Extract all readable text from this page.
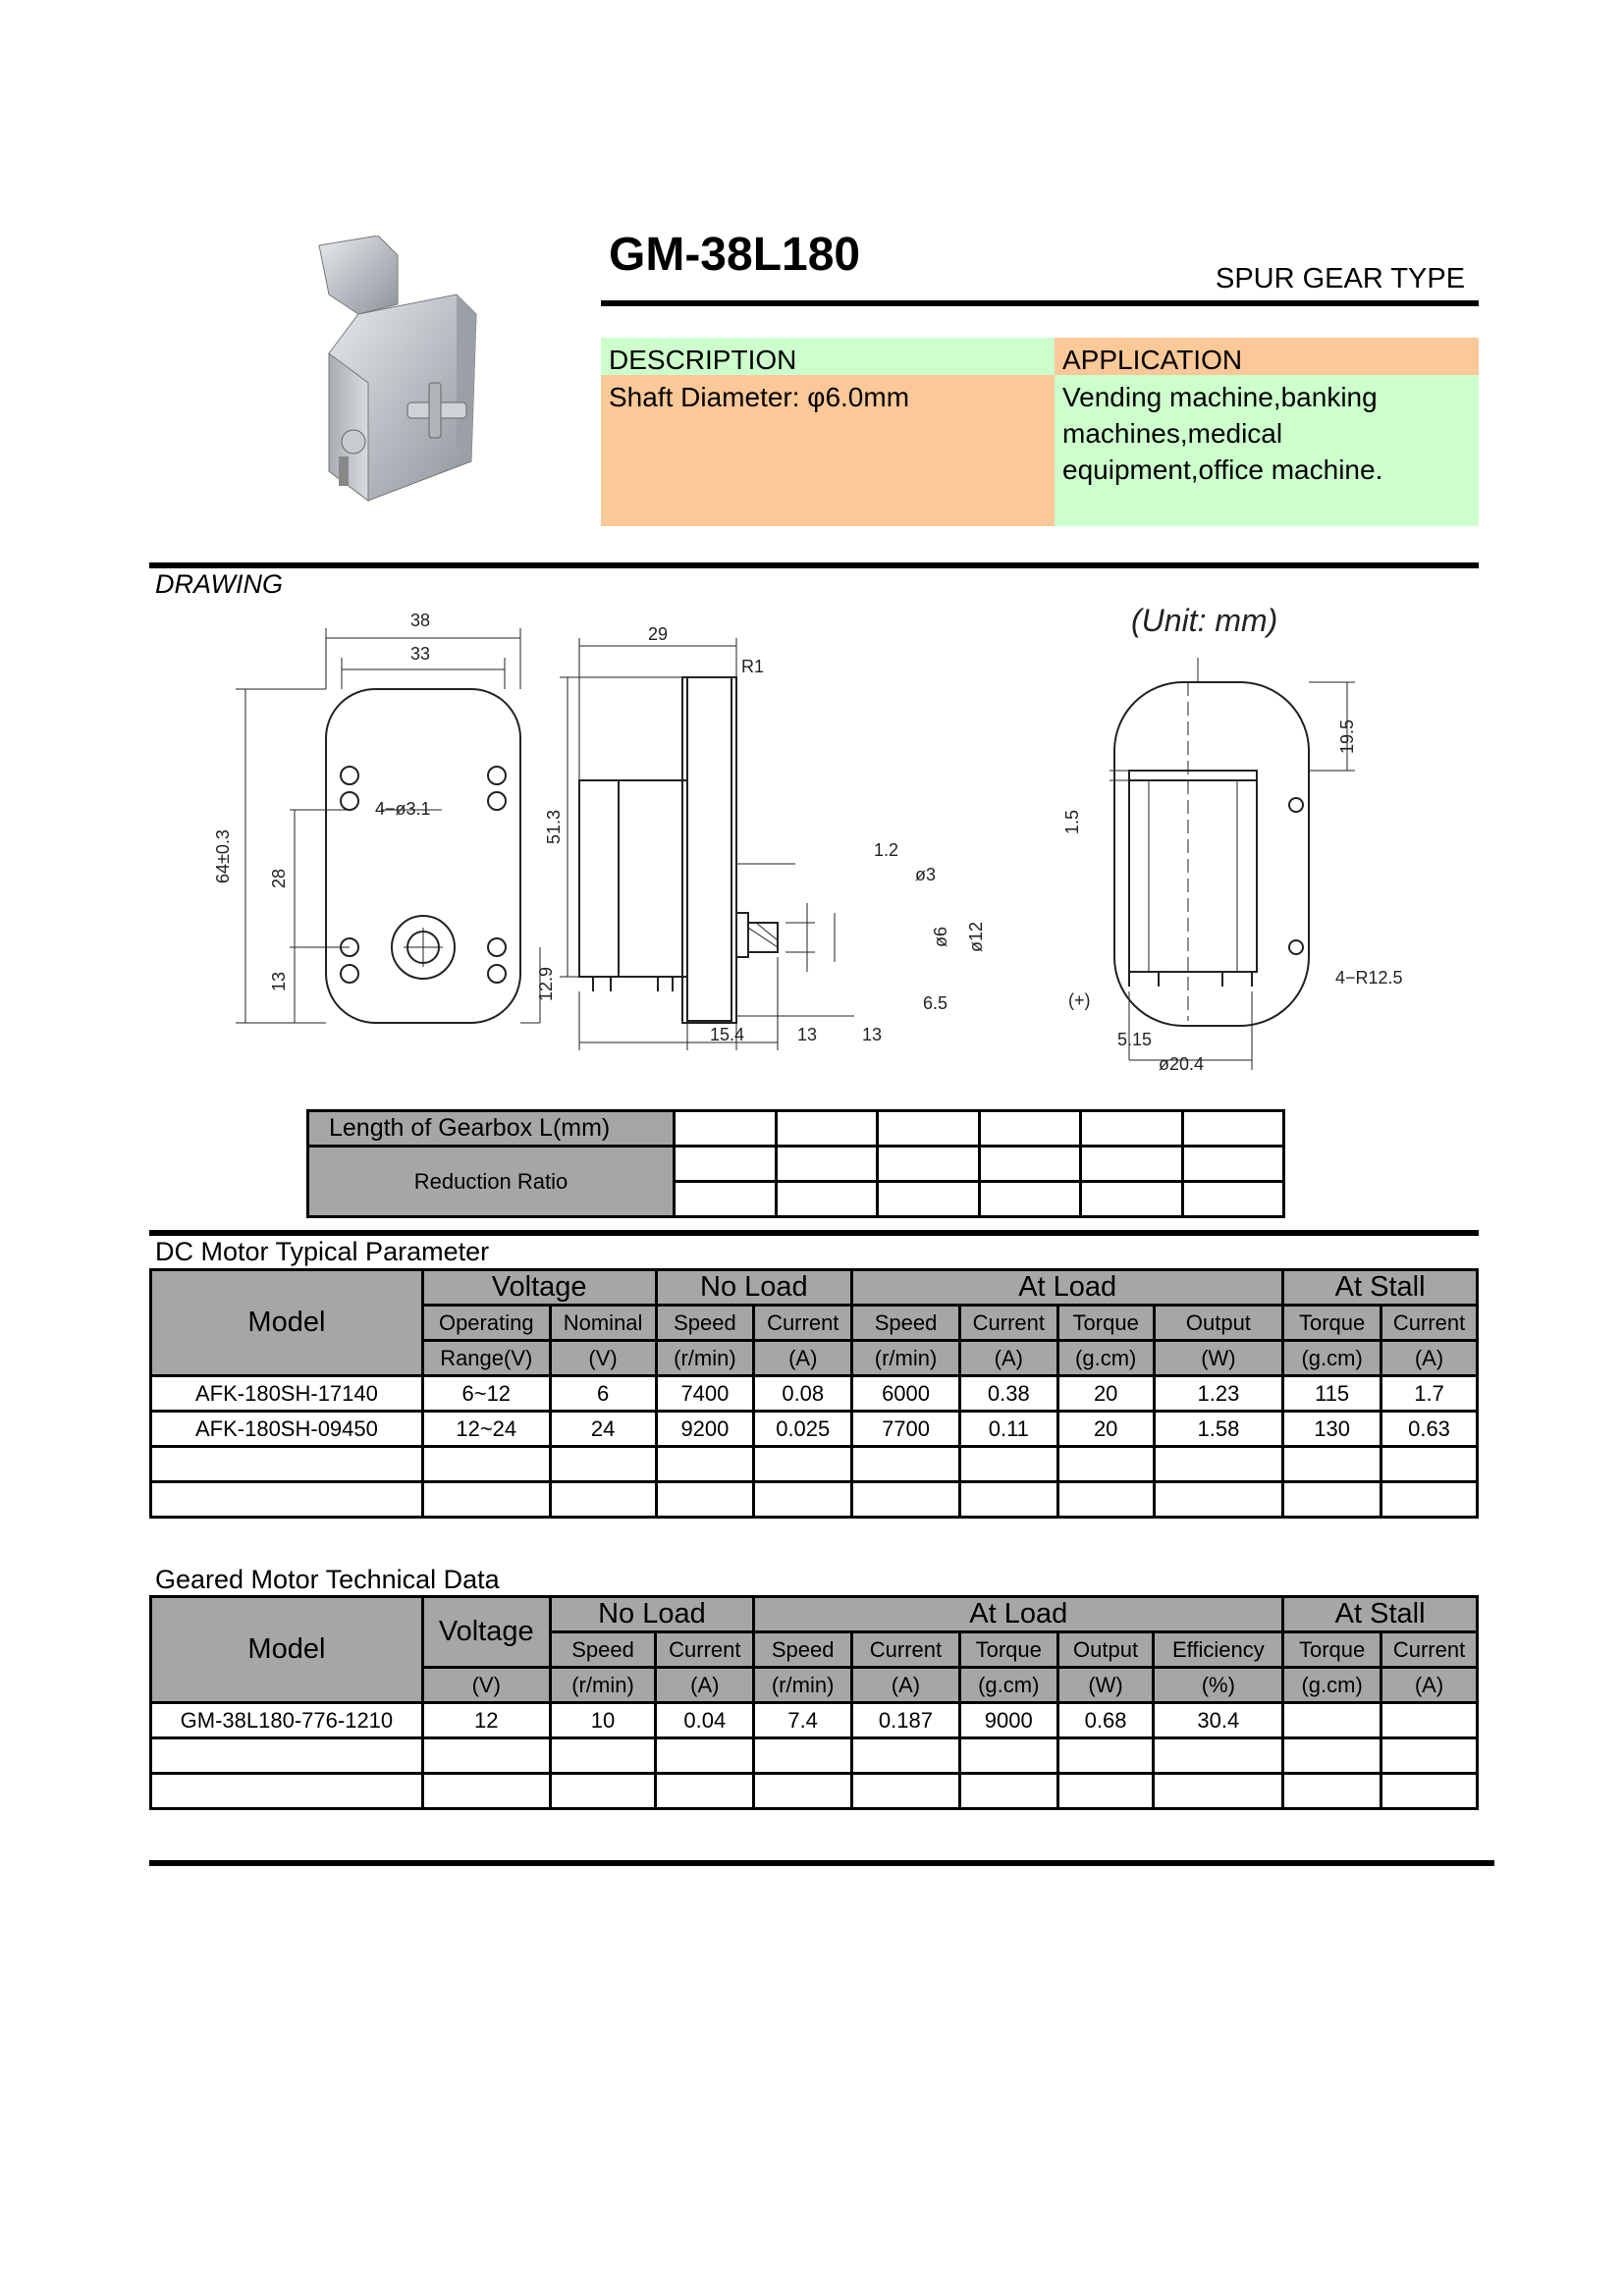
GM-38L180	SPUR GEAR TYPE
DESCRIPTION	APPLICATION
Shaft Diameter: φ6.0mm	Vending machine,banking machines,medical equipment,office machine.
DRAWING
(Unit: mm)
38
33
4−ø3.1
64±0.3 28
13	12.9
29
R1
51.3
1.2
ø3
ø6 ø12
6.5
15.4	13	13
19.5
1.5
(+)
4−R12.5
5.15
ø20.4
Length of Gearbox L(mm)						
Reduction Ratio						

DC Motor Typical Parameter
Model	Voltage		No Load		At Load				At Stall	
	Operating	Nominal	Speed	Current	Speed	Current	Torque	Output	Torque	Current
	Range(V)	(V)	(r/min)	(A)	(r/min)	(A)	(g.cm)	(W)	(g.cm)	(A)
AFK-180SH-17140	6~12	6	7400	0.08	6000	0.38	20	1.23	115	1.7
AFK-180SH-09450	12~24	24	9200	0.025	7700	0.11	20	1.58	130	0.63

Geared Motor Technical Data
Model	Voltage	No Load		At Load					At Stall	
		Speed	Current	Speed	Current	Torque	Output	Efficiency	Torque	Current
	(V)	(r/min)	(A)	(r/min)	(A)	(g.cm)	(W)	(%)	(g.cm)	(A)
GM-38L180-776-1210	12	10	0.04	7.4	0.187	9000	0.68	30.4		
